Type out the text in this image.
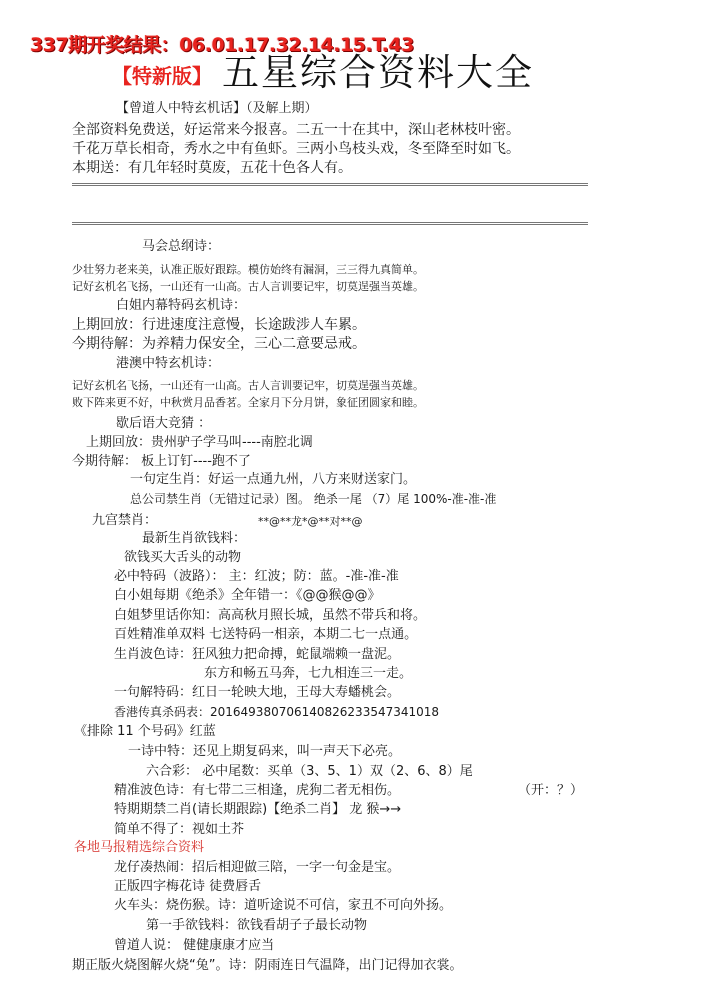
337期开奖结果：06.01.17.32.14.15.T.43
【特新版】 五星综合资料大全
【曾道人中特玄机话】（及解上期）
全部资料免费送，好运常来今报喜。二五一十在其中，深山老林枝叶密。
千花万草长相奇，秀水之中有鱼虾。三两小鸟枝头戏，冬至降至时如飞。
本期送：有几年轻时莫废，五花十色各人有。
马会总纲诗：
少壮努力老来美，认准正版好跟踪。模仿始终有漏洞，三三得九真简单。
记好玄机名飞扬，一山还有一山高。古人言训要记牢，切莫逞强当英雄。
白姐内幕特码玄机诗：
上期回放：行进速度注意慢，长途跋涉人车累。
今期待解：为养精力保安全，三心二意要忌戒。
港澳中特玄机诗：
记好玄机名飞扬，一山还有一山高。古人言训要记牢，切莫逞强当英雄。
败下阵来更不好，中秋赏月品香茗。全家月下分月饼，象征团圆家和睦。
歇后语大竞猜 ：
上期回放：贵州驴子学马叫----南腔北调
今期待解： 板上订钉----跑不了
一句定生肖：好运一点通九州，八方来财送家门。
总公司禁生肖（无错过记录）图。 绝杀一尾 （7）尾 100%-准-准-准
九宫禁肖：	**@**龙*@**对**@
最新生肖欲钱料：
欲钱买大舌头的动物
必中特码（波路）： 主：红波；防：蓝。-准-准-准
白小姐每期《绝杀》全年错一：《@@猴@@》
白姐梦里话你知：高高秋月照长城，虽然不带兵和将。
百姓精准单双料 七送特码一相亲，本期二七一点通。
生肖波色诗：狂风独力把命搏，蛇鼠端赖一盘泥。
东方和畅五马奔，七九相连三一走。
一句解特码：红日一轮映大地，王母大寿蟠桃会。
香港传真杀码表：20164938070614082623354734​1018
《排除 11 个号码》红蓝
一诗中特：还见上期复码来，叫一声天下必亮。
六合彩： 必中尾数：买单（3、5、1）双（2、6、8）尾
精准波色诗：有七带二三相逢，虎狗二者无相伤。	（开：？）
特期期禁二肖(请长期跟踪)【绝杀二肖】 龙 猴→→
简单不得了：视如土芥
各地马报精选综合资料
龙仔凑热闹：招后相迎做三陪，一字一句金是宝。
正版四字梅花诗 徒费唇舌
火车头：烧伤猴。诗：道听途说不可信，家丑不可向外扬。
第一手欲钱料：欲钱看胡子子最长动物
曾道人说： 健健康康才应当
期正版火烧图解火烧“兔”。诗：阴雨连日气温降，出门记得加衣裳。
